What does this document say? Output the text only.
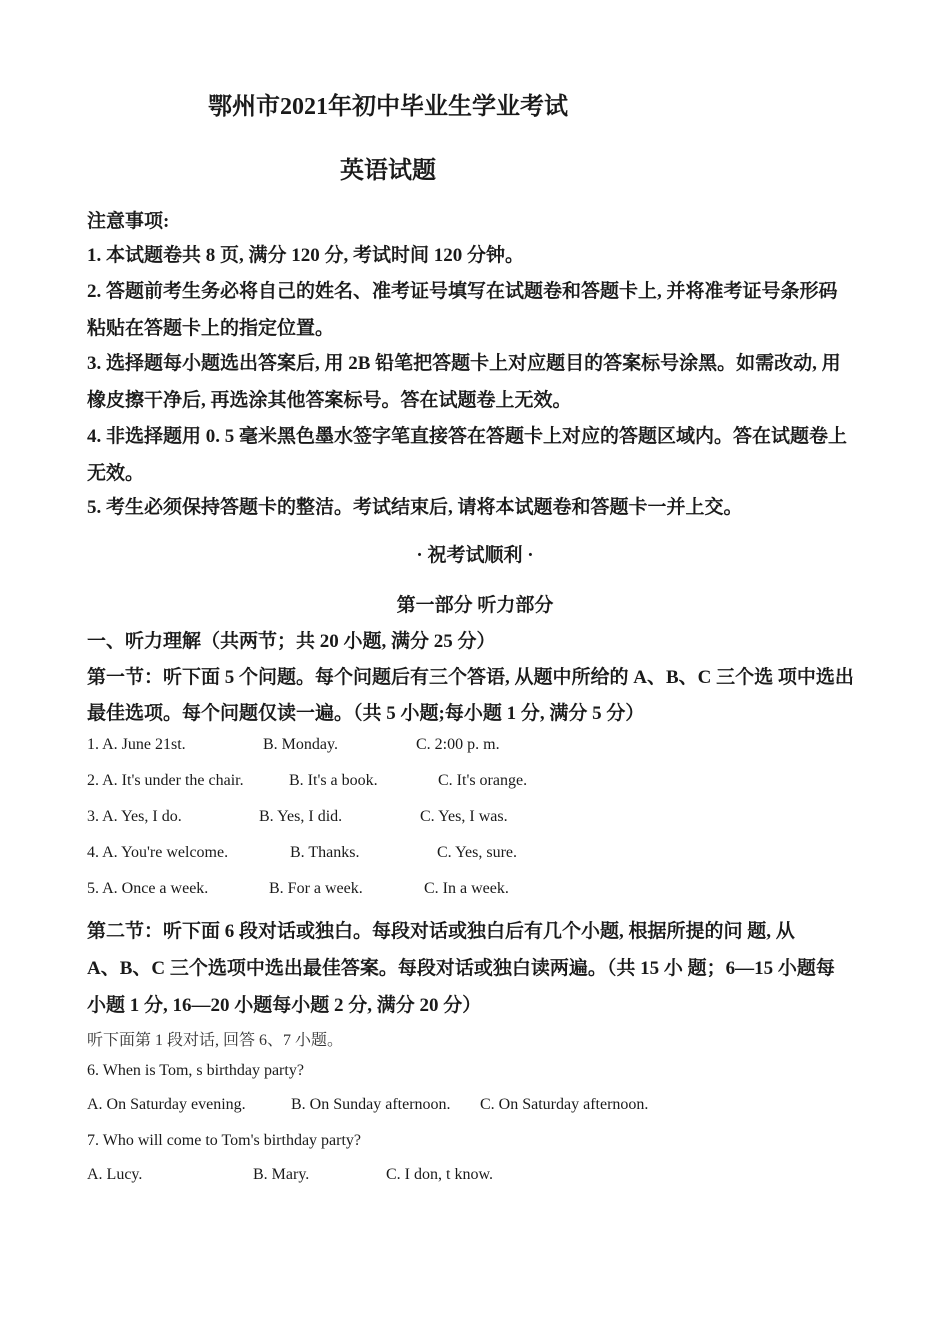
鄂州市2021年初中毕业生学业考试
英语试题
注意事项:
1. 本试题卷共 8 页, 满分 120 分, 考试时间 120 分钟。
2. 答题前考生务必将自己的姓名、准考证号填写在试题卷和答题卡上, 并将准考证号条形码
粘贴在答题卡上的指定位置。
3. 选择题每小题选出答案后, 用 2B 铅笔把答题卡上对应题目的答案标号涂黑。如需改动, 用
橡皮擦干净后, 再选涂其他答案标号。答在试题卷上无效。
4. 非选择题用 0. 5 毫米黑色墨水签字笔直接答在答题卡上对应的答题区域内。答在试题卷上
无效。
5. 考生必须保持答题卡的整洁。考试结束后, 请将本试题卷和答题卡一并上交。
· 祝考试顺利 ·
第一部分 听力部分
一、听力理解（共两节；共 20 小题, 满分 25 分）
第一节：听下面 5 个问题。每个问题后有三个答语, 从题中所给的 A、B、C 三个选 项中选出
最佳选项。每个问题仅读一遍。（共 5 小题;每小题 1 分, 满分 5 分）
1. A. June 21st.	B. Monday.	C. 2:00 p. m.
2. A. It's under the chair.	B. It's a book.	C. It's orange.
3. A. Yes, I do.	B. Yes, I did.	C. Yes, I was.
4. A. You're welcome.	B. Thanks.	C. Yes, sure.
5. A. Once a week.	B. For a week.	C. In a week.
第二节：听下面 6 段对话或独白。每段对话或独白后有几个小题, 根据所提的问 题, 从
A、B、C 三个选项中选出最佳答案。每段对话或独白读两遍。（共 15 小 题；6—15 小题每
小题 1 分, 16—20 小题每小题 2 分, 满分 20 分）
听下面第 1 段对话, 回答 6、7 小题。
6. When is Tom, s birthday party?
A. On Saturday evening.	B. On Sunday afternoon. C. On Saturday afternoon.
7. Who will come to Tom's birthday party?
A. Lucy.	B. Mary.	C. I don, t know.
